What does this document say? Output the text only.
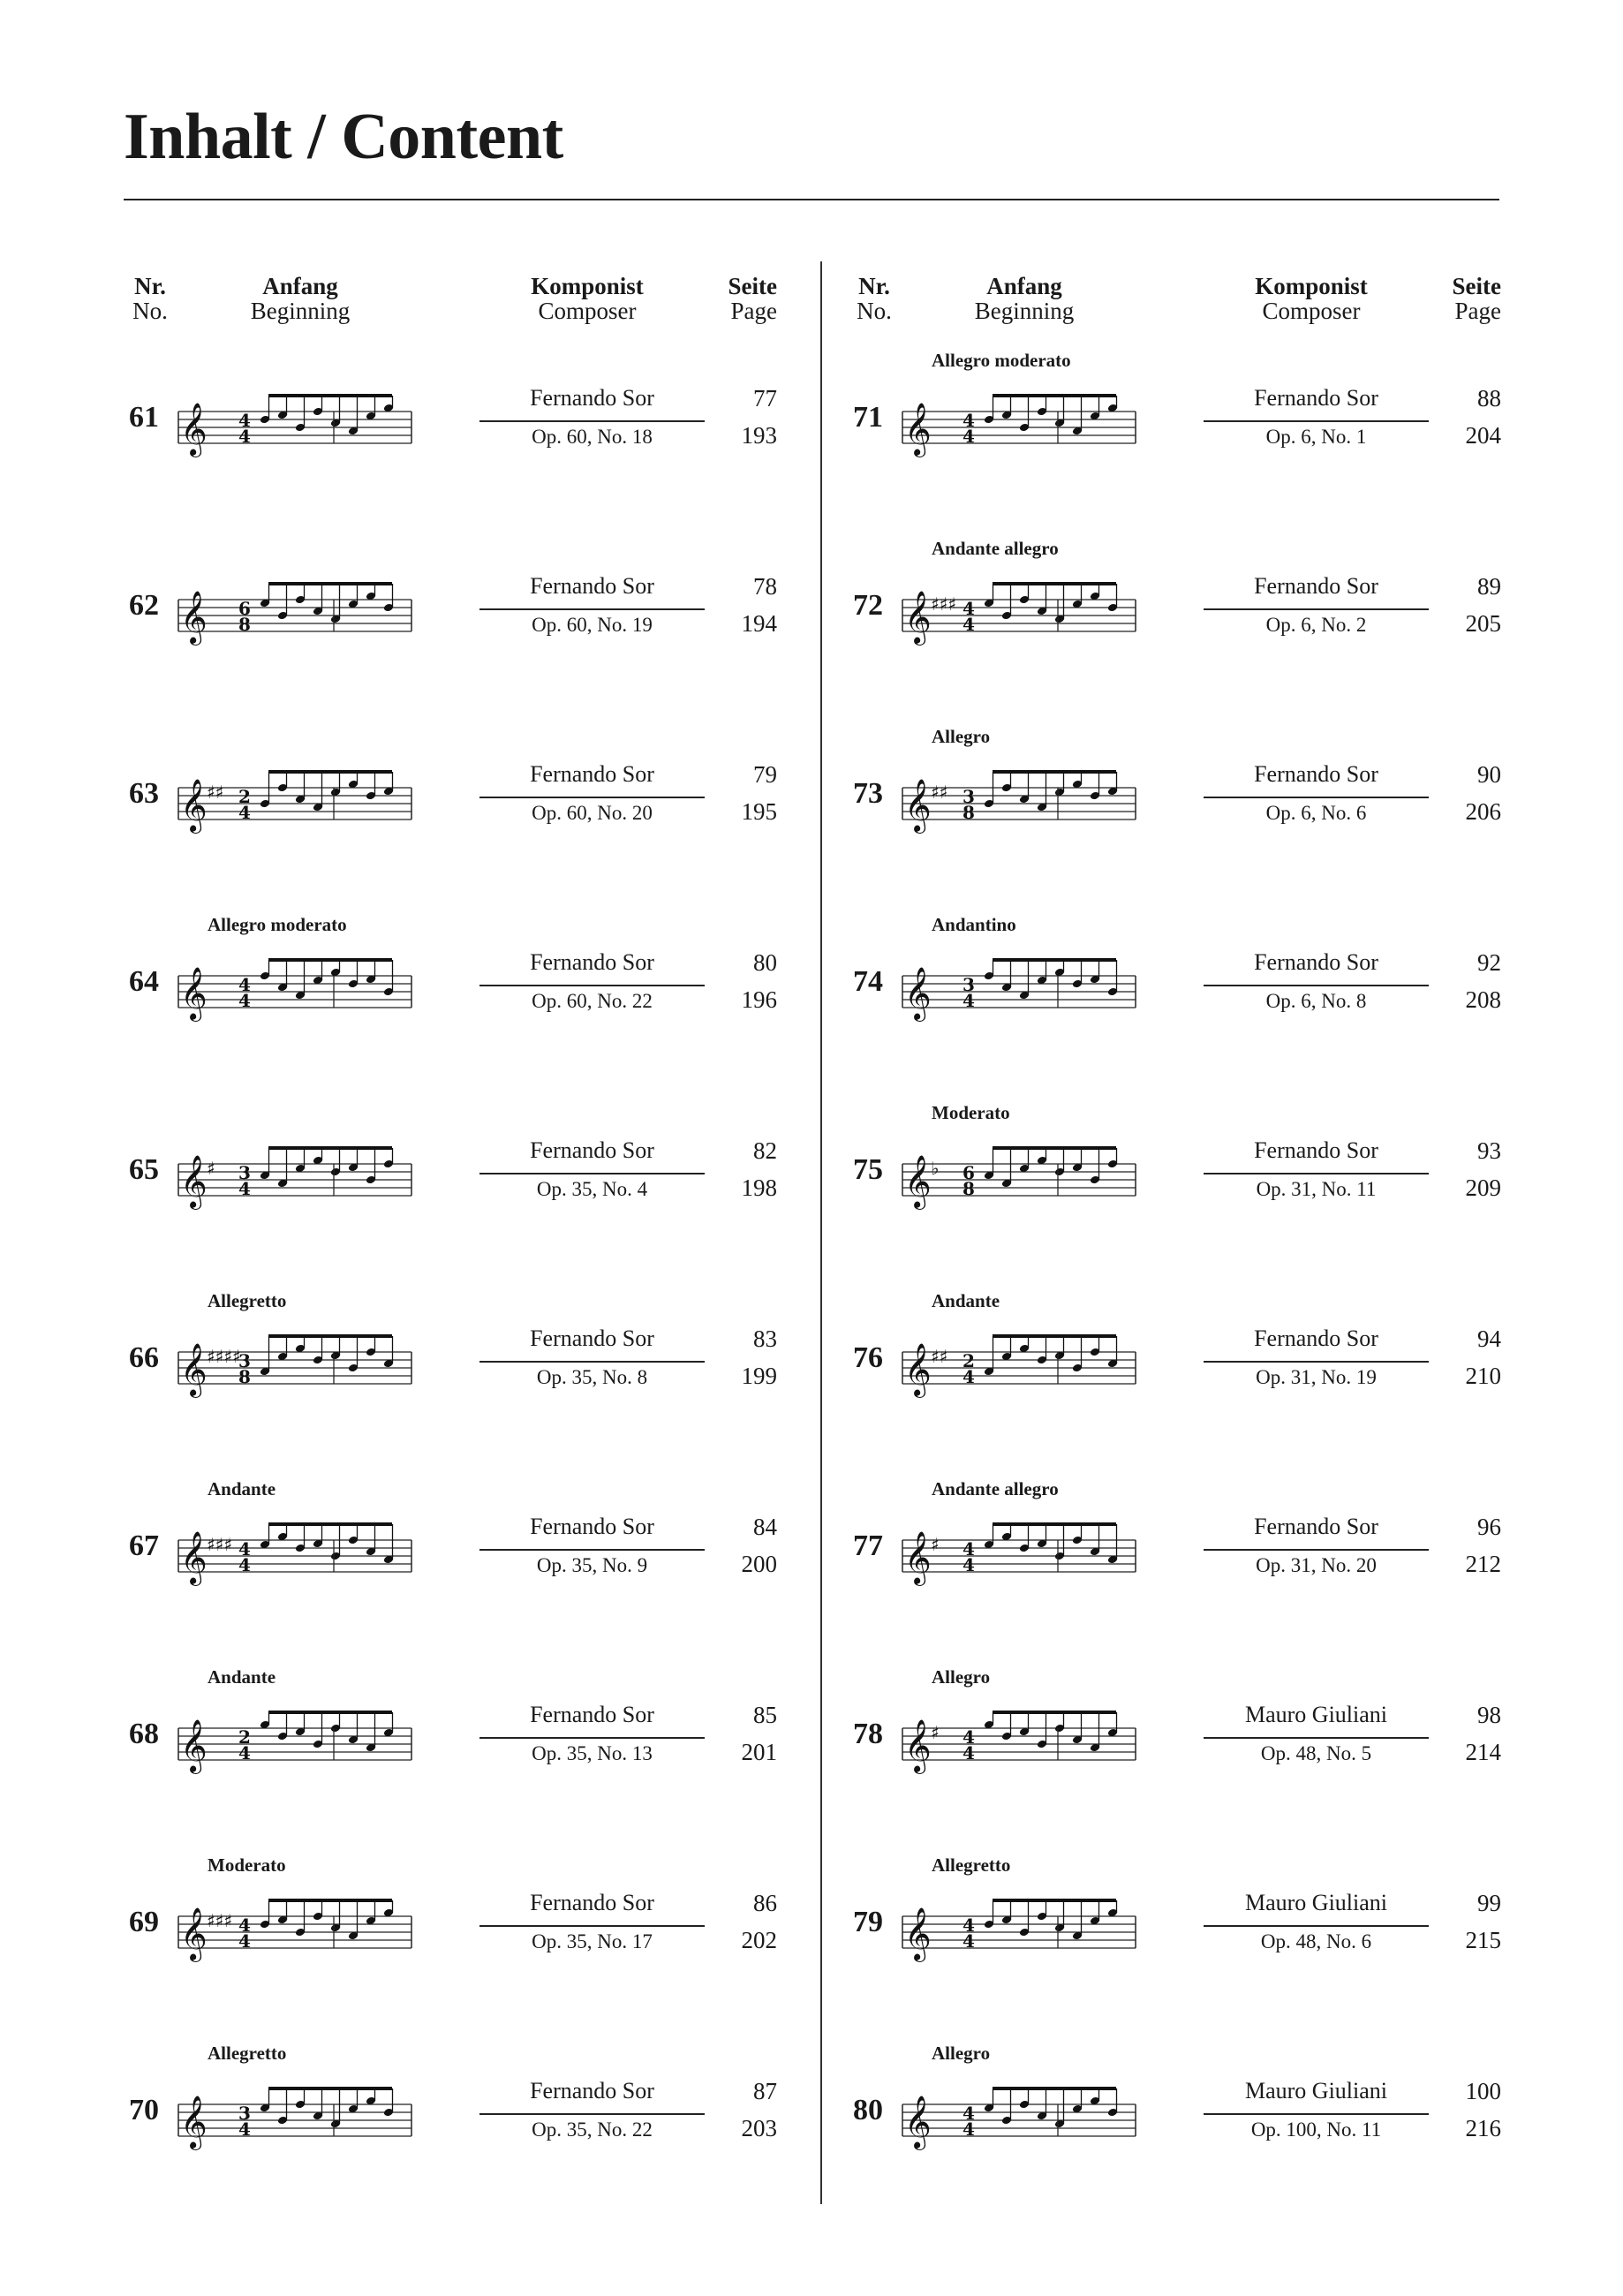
Inhalt / Content
Nr.
No.
Anfang
Beginning
Komponist
Composer
Seite
Page
61 𝄞 4
4
Fernando Sor
Op. 60, No. 18
77
193
62 𝄞 6
8
Fernando Sor
Op. 60, No. 19
78
194
63 𝄞 ♯♯ 2
4
Fernando Sor
Op. 60, No. 20
79
195
64
Allegro moderato
𝄞 4
4
Fernando Sor
Op. 60, No. 22
80
196
65 𝄞 ♯ 3
4
Fernando Sor
Op. 35, No. 4
82
198
66
Allegretto
𝄞 ♯♯♯♯
3
8
Fernando Sor
Op. 35, No. 8
83
199
67
Andante
𝄞 ♯♯♯ 4
4
Fernando Sor
Op. 35, No. 9
84
200
68
Andante
𝄞 2
4
Fernando Sor
Op. 35, No. 13
85
201
69
Moderato
𝄞 ♯♯♯ 4
4
Fernando Sor
Op. 35, No. 17
86
202
70
Allegretto
𝄞 3
4
Fernando Sor
Op. 35, No. 22
87
203
Nr.
No.
Anfang
Beginning
Komponist
Composer
Seite
Page
71
Allegro moderato
𝄞 4
4
Fernando Sor
Op. 6, No. 1
88
204
72
Andante allegro
𝄞 ♯♯♯ 4
4
Fernando Sor
Op. 6, No. 2
89
205
73
Allegro
𝄞 ♯♯ 3
8
Fernando Sor
Op. 6, No. 6
90
206
74
Andantino
𝄞 3
4
Fernando Sor
Op. 6, No. 8
92
208
75
Moderato
𝄞 ♭ 6
8
Fernando Sor
Op. 31, No. 11
93
209
76
Andante
𝄞 ♯♯ 2
4
Fernando Sor
Op. 31, No. 19
94
210
77
Andante allegro
𝄞 ♯ 4
4
Fernando Sor
Op. 31, No. 20
96
212
78
Allegro
𝄞 ♯ 4
4
Mauro Giuliani
Op. 48, No. 5
98
214
79
Allegretto
𝄞 4
4
Mauro Giuliani
Op. 48, No. 6
99
215
80
Allegro
𝄞 4
4
Mauro Giuliani
Op. 100, No. 11
100
216
